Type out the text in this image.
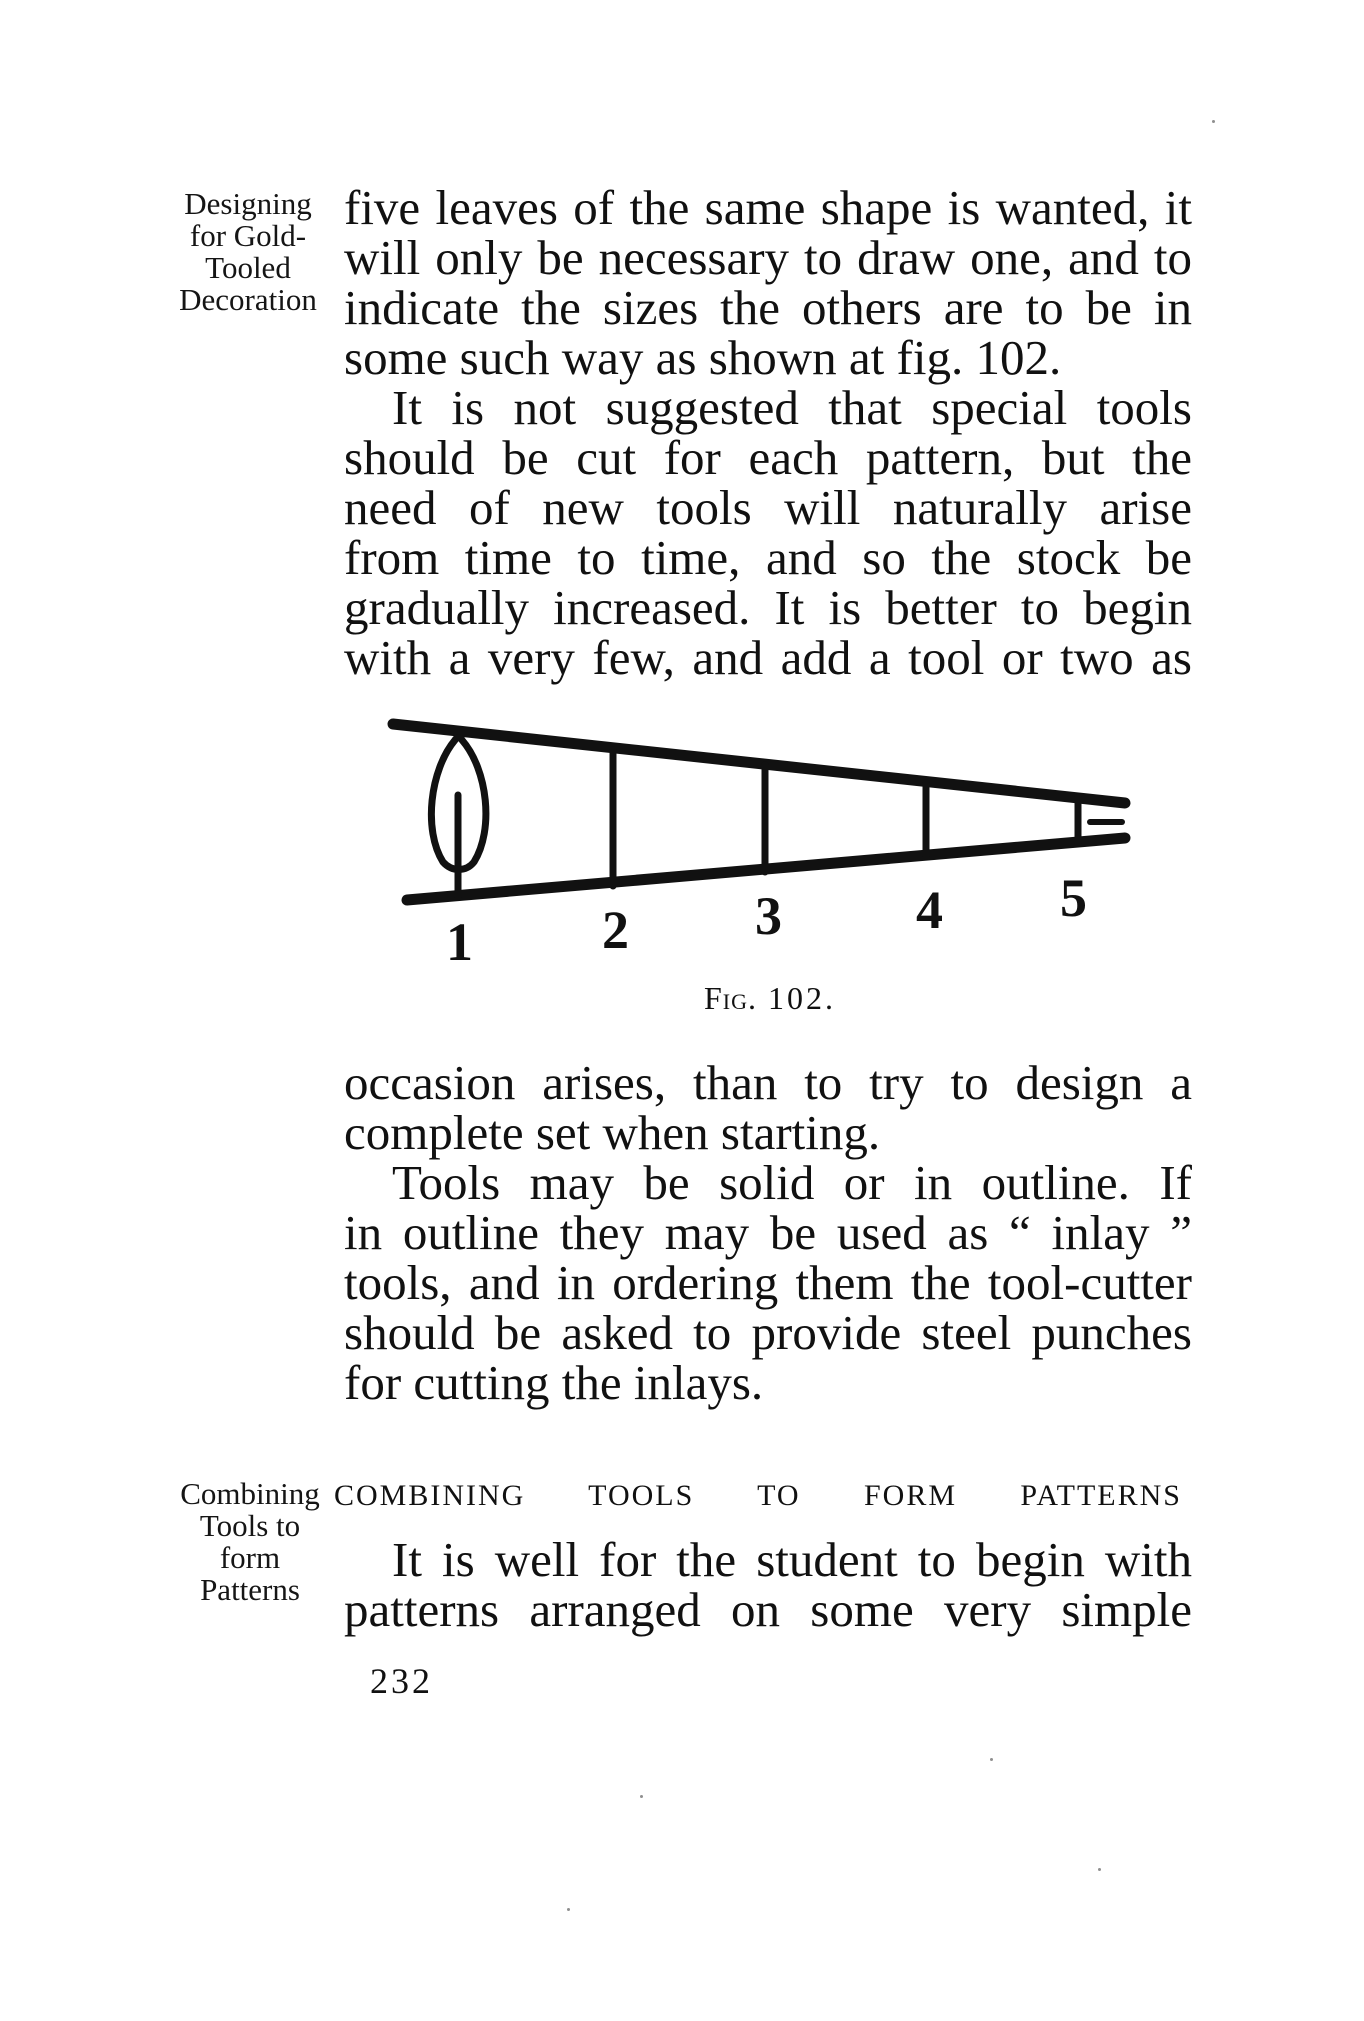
Designing
for Gold-
Tooled
Decoration
five leaves of the same shape is wanted, it
will only be necessary to draw one, and to
indicate the sizes the others are to be in
some such way as shown at fig. 102.
It is not suggested that special tools
should be cut for each pattern, but the
need of new tools will naturally arise
from time to time, and so the stock be
gradually increased. It is better to begin
with a very few, and add a tool or two as
1 2 3 4 5
Fig. 102.
occasion arises, than to try to design a
complete set when starting.
Tools may be solid or in outline. If
in outline they may be used as “ inlay ”
tools, and in ordering them the tool-cutter
should be asked to provide steel punches
for cutting the inlays.
Combining
Tools to
form
Patterns
COMBINING TOOLS TO FORM PATTERNS
It is well for the student to begin with
patterns arranged on some very simple
232
